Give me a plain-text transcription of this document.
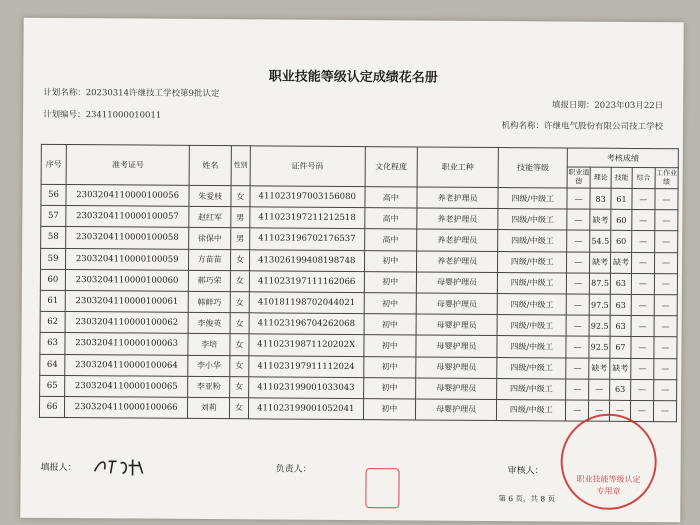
职业技能等级认定成绩花名册
计划名称：20230314许继技工学校第9批认定
填报日期：2023年03月22日
计划编号：23411000010011
机构名称：许继电气股份有限公司技工学校
序号	准考证号	姓名	性别	证件号码	文化程度	职业工种	技能等级	考核成绩				
								职业道德	理论	技能	综合	工作业绩
56	2303204110000100056	朱爱枝	女	411023197003156080	高中	养老护理员	四级/中级工	—	83	61	—	—
57	2303204110000100057	赵红军	男	411023197211212518	高中	养老护理员	四级/中级工	—	缺考	60	—	—
58	2303204110000100058	徐保中	男	411023196702176537	高中	养老护理员	四级/中级工	—	54.5	60	—	—
59	2303204110000100059	方苗苗	女	413026199408198748	初中	养老护理员	四级/中级工	—	缺考	缺考	—	—
60	2303204110000100060	郝巧荣	女	411023197111162066	初中	母婴护理员	四级/中级工	—	87.5	63	—	—
61	2303204110000100061	韩鲜巧	女	410181198702044021	初中	母婴护理员	四级/中级工	—	97.5	63	—	—
62	2303204110000100062	李俊英	女	411023196704262068	初中	母婴护理员	四级/中级工	—	92.5	63	—	—
63	2303204110000100063	李培	女	41102319871120202X	初中	母婴护理员	四级/中级工	—	92.5	67	—	—
64	2303204110000100064	李小华	女	411023197911112024	初中	母婴护理员	四级/中级工	—	缺考	缺考	—	—
65	2303204110000100065	李亚粉	女	411023199001033043	初中	母婴护理员	四级/中级工	—	—	63	—	—
66	2303204110000100066	刘莉	女	411023199001052041	初中	母婴护理员	四级/中级工	—	—	—	—	—
填报人：	负责人：	审核人：
第 6 页，共 8 页
职业技能等级认定
专用章
